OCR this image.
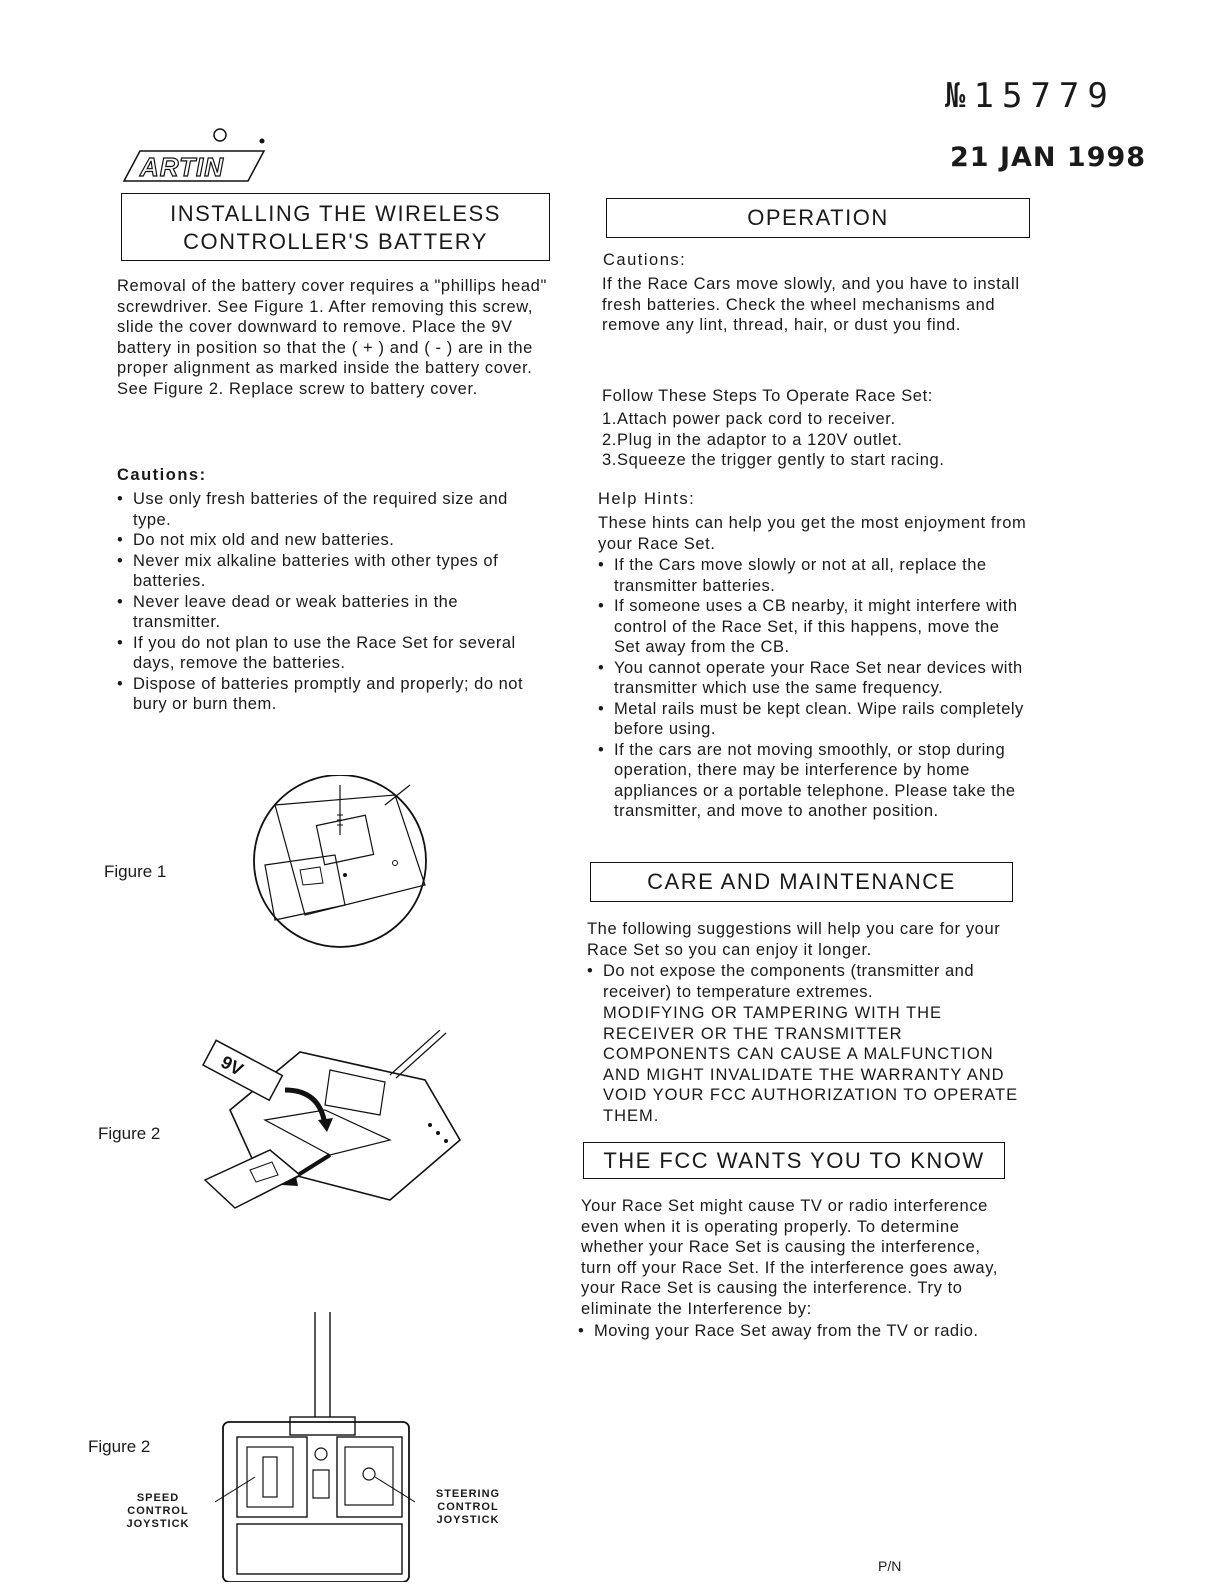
№15779
21 JAN 1998
ARTIN
INSTALLING THE WIRELESS
CONTROLLER'S BATTERY
Removal of the battery cover requires a "phillips head" screwdriver. See Figure 1. After removing this screw, slide the cover downward to remove. Place the 9V battery in position so that the ( + ) and ( - ) are in the proper alignment as marked inside the battery cover. See Figure 2. Replace screw to battery cover.
Cautions:
• Use only fresh batteries of the required size and type.
• Do not mix old and new batteries.
• Never mix alkaline batteries with other types of batteries.
• Never leave dead or weak batteries in the transmitter.
• If you do not plan to use the Race Set for several days, remove the batteries.
• Dispose of batteries promptly and properly; do not bury or burn them.
Figure 1
Figure 2
9V
Figure 2
SPEED
CONTROL
JOYSTICK
STEERING
CONTROL
JOYSTICK
OPERATION
Cautions:
If the Race Cars move slowly, and you have to install fresh batteries. Check the wheel mechanisms and remove any lint, thread, hair, or dust you find.
Follow These Steps To Operate Race Set:
1.Attach power pack cord to receiver.
2.Plug in the adaptor to a 120V outlet.
3.Squeeze the trigger gently to start racing.
Help Hints:
These hints can help you get the most enjoyment from your Race Set.
• If the Cars move slowly or not at all, replace the transmitter batteries.
• If someone uses a CB nearby, it might interfere with control of the Race Set, if this happens, move the Set away from the CB.
• You cannot operate your Race Set near devices with transmitter which use the same frequency.
• Metal rails must be kept clean. Wipe rails completely before using.
• If the cars are not moving smoothly, or stop during operation, there may be interference by home appliances or a portable telephone. Please take the transmitter, and move to another position.
CARE AND MAINTENANCE
The following suggestions will help you care for your Race Set so you can enjoy it longer.
• Do not expose the components (transmitter and receiver) to temperature extremes.
MODIFYING OR TAMPERING WITH THE RECEIVER OR THE TRANSMITTER COMPONENTS CAN CAUSE A MALFUNCTION AND MIGHT INVALIDATE THE WARRANTY AND VOID YOUR FCC AUTHORIZATION TO OPERATE THEM.
THE FCC WANTS YOU TO KNOW
Your Race Set might cause TV or radio interference even when it is operating properly. To determine whether your Race Set is causing the interference, turn off your Race Set. If the interference goes away, your Race Set is causing the interference. Try to eliminate the Interference by:
• Moving your Race Set away from the TV or radio.
P/N
